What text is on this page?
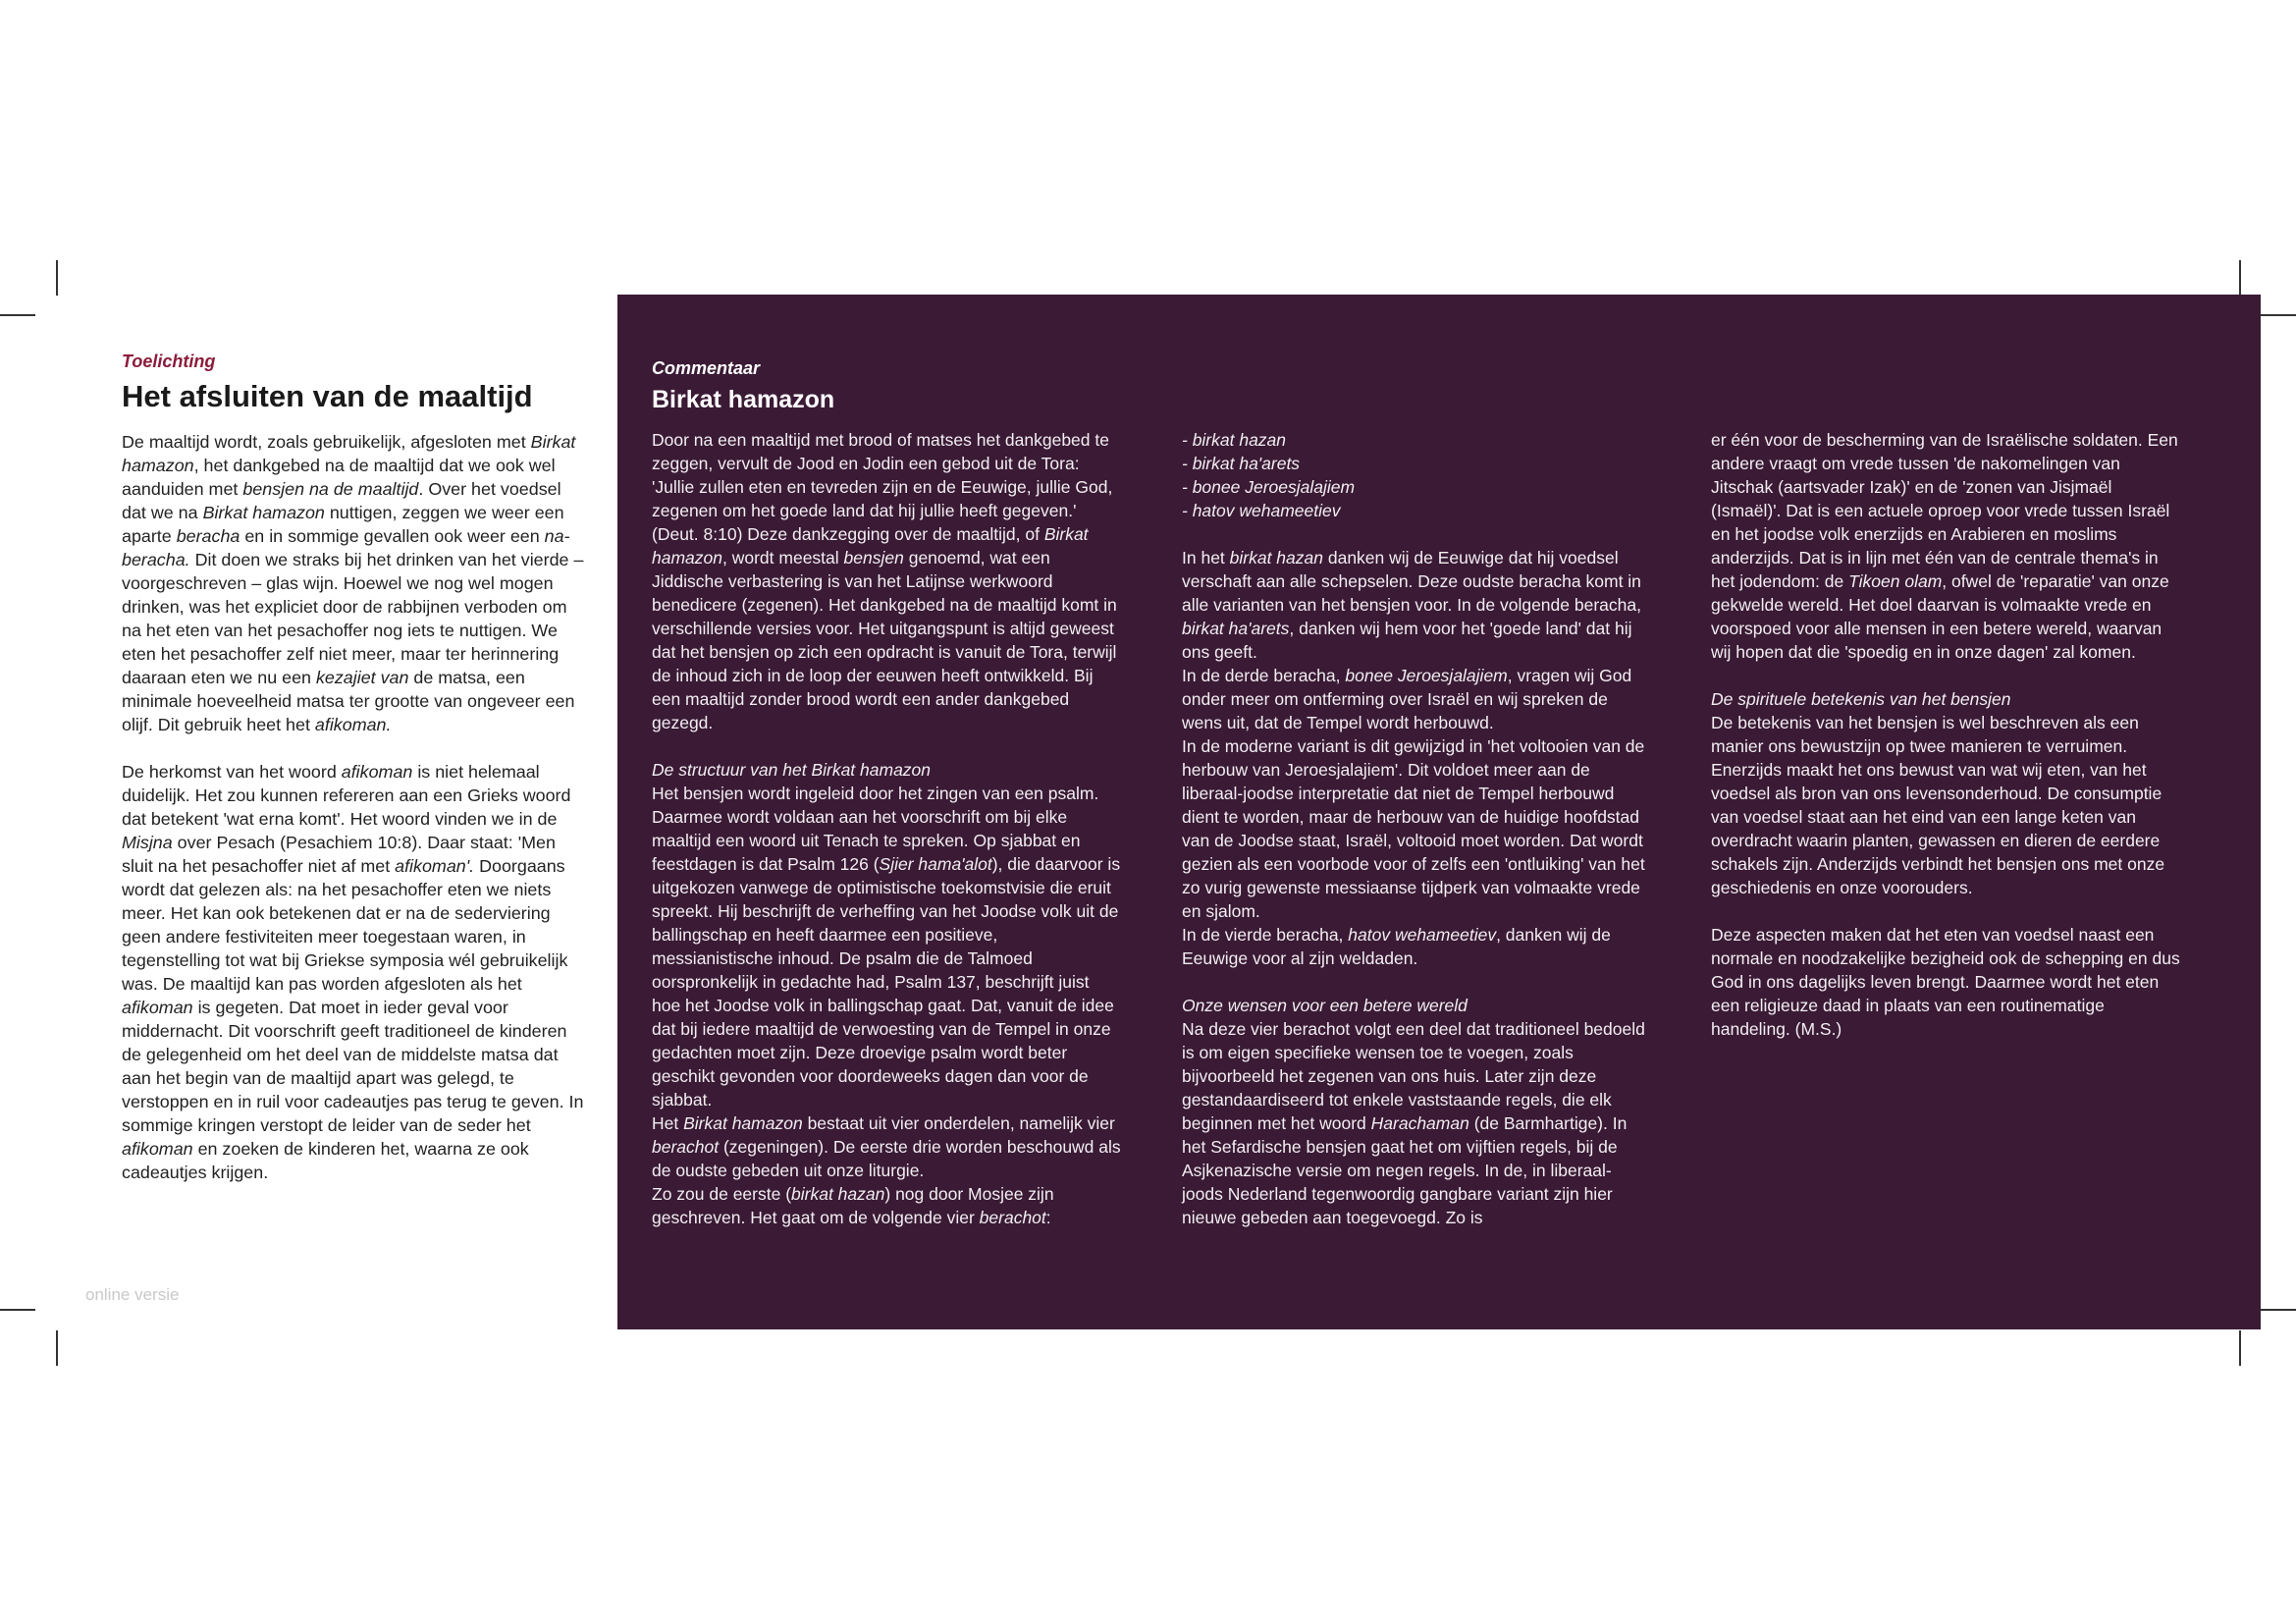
Toelichting

Het afsluiten van de maaltijd

De maaltijd wordt, zoals gebruikelijk, afgesloten met Birkat hamazon, het dankgebed na de maaltijd dat we ook wel aanduiden met bensjen na de maaltijd. Over het voedsel dat we na Birkat hamazon nuttigen, zeggen we weer een aparte beracha en in sommige gevallen ook weer een na-beracha. Dit doen we straks bij het drinken van het vierde – voorgeschreven – glas wijn. Hoewel we nog wel mogen drinken, was het expliciet door de rabbijnen verboden om na het eten van het pesachoffer nog iets te nuttigen. We eten het pesachoffer zelf niet meer, maar ter herinnering daaraan eten we nu een kezajiet van de matsa, een minimale hoeveelheid matsa ter grootte van ongeveer een olijf. Dit gebruik heet het afikoman.

De herkomst van het woord afikoman is niet helemaal duidelijk. Het zou kunnen refereren aan een Grieks woord dat betekent 'wat erna komt'. Het woord vinden we in de Misjna over Pesach (Pesachiem 10:8). Daar staat: 'Men sluit na het pesachoffer niet af met afikoman'. Doorgaans wordt dat gelezen als: na het pesachoffer eten we niets meer. Het kan ook betekenen dat er na de sederviering geen andere festiviteiten meer toegestaan waren, in tegenstelling tot wat bij Griekse symposia wél gebruikelijk was. De maaltijd kan pas worden afgesloten als het afikoman is gegeten. Dat moet in ieder geval voor middernacht. Dit voorschrift geeft traditioneel de kinderen de gelegenheid om het deel van de middelste matsa dat aan het begin van de maaltijd apart was gelegd, te verstoppen en in ruil voor cadeautjes pas terug te geven. In sommige kringen verstopt de leider van de seder het afikoman en zoeken de kinderen het, waarna ze ook cadeautjes krijgen.

online versie

Commentaar

Birkat hamazon

Door na een maaltijd met brood of matses het dankgebed te zeggen, vervult de Jood en Jodin een gebod uit de Tora: 'Jullie zullen eten en tevreden zijn en de Eeuwige, jullie God, zegenen om het goede land dat hij jullie heeft gegeven.' (Deut. 8:10) Deze dankzegging over de maaltijd, of Birkat hamazon, wordt meestal bensjen genoemd, wat een Jiddische verbastering is van het Latijnse werkwoord benedicere (zegenen). Het dankgebed na de maaltijd komt in verschillende versies voor. Het uitgangspunt is altijd geweest dat het bensjen op zich een opdracht is vanuit de Tora, terwijl de inhoud zich in de loop der eeuwen heeft ontwikkeld. Bij een maaltijd zonder brood wordt een ander dankgebed gezegd.

De structuur van het Birkat hamazon

Het bensjen wordt ingeleid door het zingen van een psalm. Daarmee wordt voldaan aan het voorschrift om bij elke maaltijd een woord uit Tenach te spreken. Op sjabbat en feestdagen is dat Psalm 126 (Sjier hama'alot), die daarvoor is uitgekozen vanwege de optimistische toekomstvisie die eruit spreekt. Hij beschrijft de verheffing van het Joodse volk uit de ballingschap en heeft daarmee een positieve, messianistische inhoud. De psalm die de Talmoed oorspronkelijk in gedachte had, Psalm 137, beschrijft juist hoe het Joodse volk in ballingschap gaat. Dat, vanuit de idee dat bij iedere maaltijd de verwoesting van de Tempel in onze gedachten moet zijn. Deze droevige psalm wordt beter geschikt gevonden voor doordeweeks dagen dan voor de sjabbat.

Het Birkat hamazon bestaat uit vier onderdelen, namelijk vier berachot (zegeningen). De eerste drie worden beschouwd als de oudste gebeden uit onze liturgie.

Zo zou de eerste (birkat hazan) nog door Mosjee zijn geschreven. Het gaat om de volgende vier berachot:

- birkat hazan
- birkat ha'arets
- bonee Jeroesjalajiem
- hatov wehameetiev

In het birkat hazan danken wij de Eeuwige dat hij voedsel verschaft aan alle schepselen. Deze oudste beracha komt in alle varianten van het bensjen voor. In de volgende beracha, birkat ha'arets, danken wij hem voor het 'goede land' dat hij ons geeft.

In de derde beracha, bonee Jeroesjalajiem, vragen wij God onder meer om ontferming over Israël en wij spreken de wens uit, dat de Tempel wordt herbouwd.

In de moderne variant is dit gewijzigd in 'het voltooien van de herbouw van Jeroesjalajiem'. Dit voldoet meer aan de liberaal-joodse interpretatie dat niet de Tempel herbouwd dient te worden, maar de herbouw van de huidige hoofdstad van de Joodse staat, Israël, voltooid moet worden. Dat wordt gezien als een voorbode voor of zelfs een 'ontluiking' van het zo vurig gewenste messiaanse tijdperk van volmaakte vrede en sjalom.

In de vierde beracha, hatov wehameetiev, danken wij de Eeuwige voor al zijn weldaden.

Onze wensen voor een betere wereld

Na deze vier berachot volgt een deel dat traditioneel bedoeld is om eigen specifieke wensen toe te voegen, zoals bijvoorbeeld het zegenen van ons huis. Later zijn deze gestandaardiseerd tot enkele vaststaande regels, die elk beginnen met het woord Harachaman (de Barmhartige). In het Sefardische bensjen gaat het om vijftien regels, bij de Asjkenazische versie om negen regels. In de, in liberaal-joods Nederland tegenwoordig gangbare variant zijn hier nieuwe gebeden aan toegevoegd. Zo is

er één voor de bescherming van de Israëlische soldaten. Een andere vraagt om vrede tussen 'de nakomelingen van Jitschak (aartsvader Izak)' en de 'zonen van Jisjmaël (Ismaël)'. Dat is een actuele oproep voor vrede tussen Israël en het joodse volk enerzijds en Arabieren en moslims anderzijds. Dat is in lijn met één van de centrale thema's in het jodendom: de Tikoen olam, ofwel de 'reparatie' van onze gekwelde wereld. Het doel daarvan is volmaakte vrede en voorspoed voor alle mensen in een betere wereld, waarvan wij hopen dat die 'spoedig en in onze dagen' zal komen.

De spirituele betekenis van het bensjen

De betekenis van het bensjen is wel beschreven als een manier ons bewustzijn op twee manieren te verruimen. Enerzijds maakt het ons bewust van wat wij eten, van het voedsel als bron van ons levensonderhoud. De consumptie van voedsel staat aan het eind van een lange keten van overdracht waarin planten, gewassen en dieren de eerdere schakels zijn. Anderzijds verbindt het bensjen ons met onze geschiedenis en onze voorouders.

Deze aspecten maken dat het eten van voedsel naast een normale en noodzakelijke bezigheid ook de schepping en dus God in ons dagelijks leven brengt. Daarmee wordt het eten een religieuze daad in plaats van een routinematige handeling. (M.S.)
